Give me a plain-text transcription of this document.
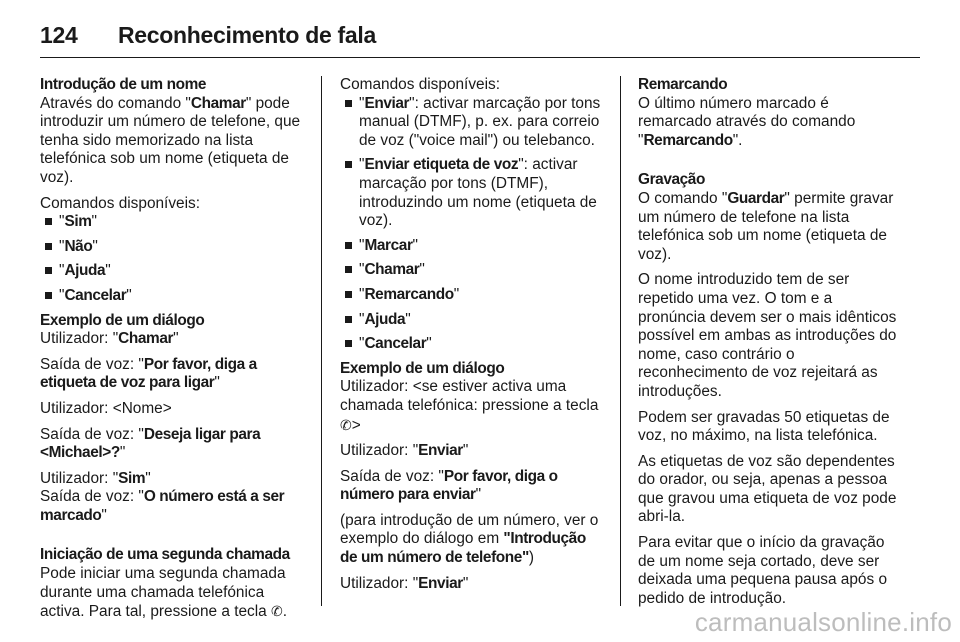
124	Reconhecimento de fala
Introdução de um nome

Através do comando "Chamar" pode introduzir um número de telefone, que tenha sido memorizado na lista telefónica sob um nome (etiqueta de voz).

Comandos disponíveis:

"Sim"
"Não"
"Ajuda"
"Cancelar"
Exemplo de um diálogo

Utilizador: "Chamar"

Saída de voz: "Por favor, diga a etiqueta de voz para ligar"

Utilizador: <Nome>

Saída de voz: "Deseja ligar para <Michael>?"

Utilizador: "Sim"

Saída de voz: "O número está a ser marcado"

Iniciação de uma segunda chamada

Pode iniciar uma segunda chamada durante uma chamada telefónica activa. Para tal, pressione a tecla ✆.

Comandos disponíveis:

"Enviar": activar marcação por tons manual (DTMF), p. ex. para correio de voz ("voice mail") ou telebanco.
"Enviar etiqueta de voz": activar marcação por tons (DTMF), introduzindo um nome (etiqueta de voz).
"Marcar"
"Chamar"
"Remarcando"
"Ajuda"
"Cancelar"
Exemplo de um diálogo

Utilizador: <se estiver activa uma chamada telefónica: pressione a tecla ✆>

Utilizador: "Enviar"

Saída de voz: "Por favor, diga o número para enviar"

(para introdução de um número, ver o exemplo do diálogo em "Introdução de um número de telefone")

Utilizador: "Enviar"

Remarcando

O último número marcado é remarcado através do comando "Remarcando".

Gravação

O comando "Guardar" permite gravar um número de telefone na lista telefónica sob um nome (etiqueta de voz).

O nome introduzido tem de ser repetido uma vez. O tom e a pronúncia devem ser o mais idênticos possível em ambas as introduções do nome, caso contrário o reconhecimento de voz rejeitará as introduções.

Podem ser gravadas 50 etiquetas de voz, no máximo, na lista telefónica.

As etiquetas de voz são dependentes do orador, ou seja, apenas a pessoa que gravou uma etiqueta de voz pode abri-la.

Para evitar que o início da gravação de um nome seja cortado, deve ser deixada uma pequena pausa após o pedido de introdução.

carmanualsonline.info
